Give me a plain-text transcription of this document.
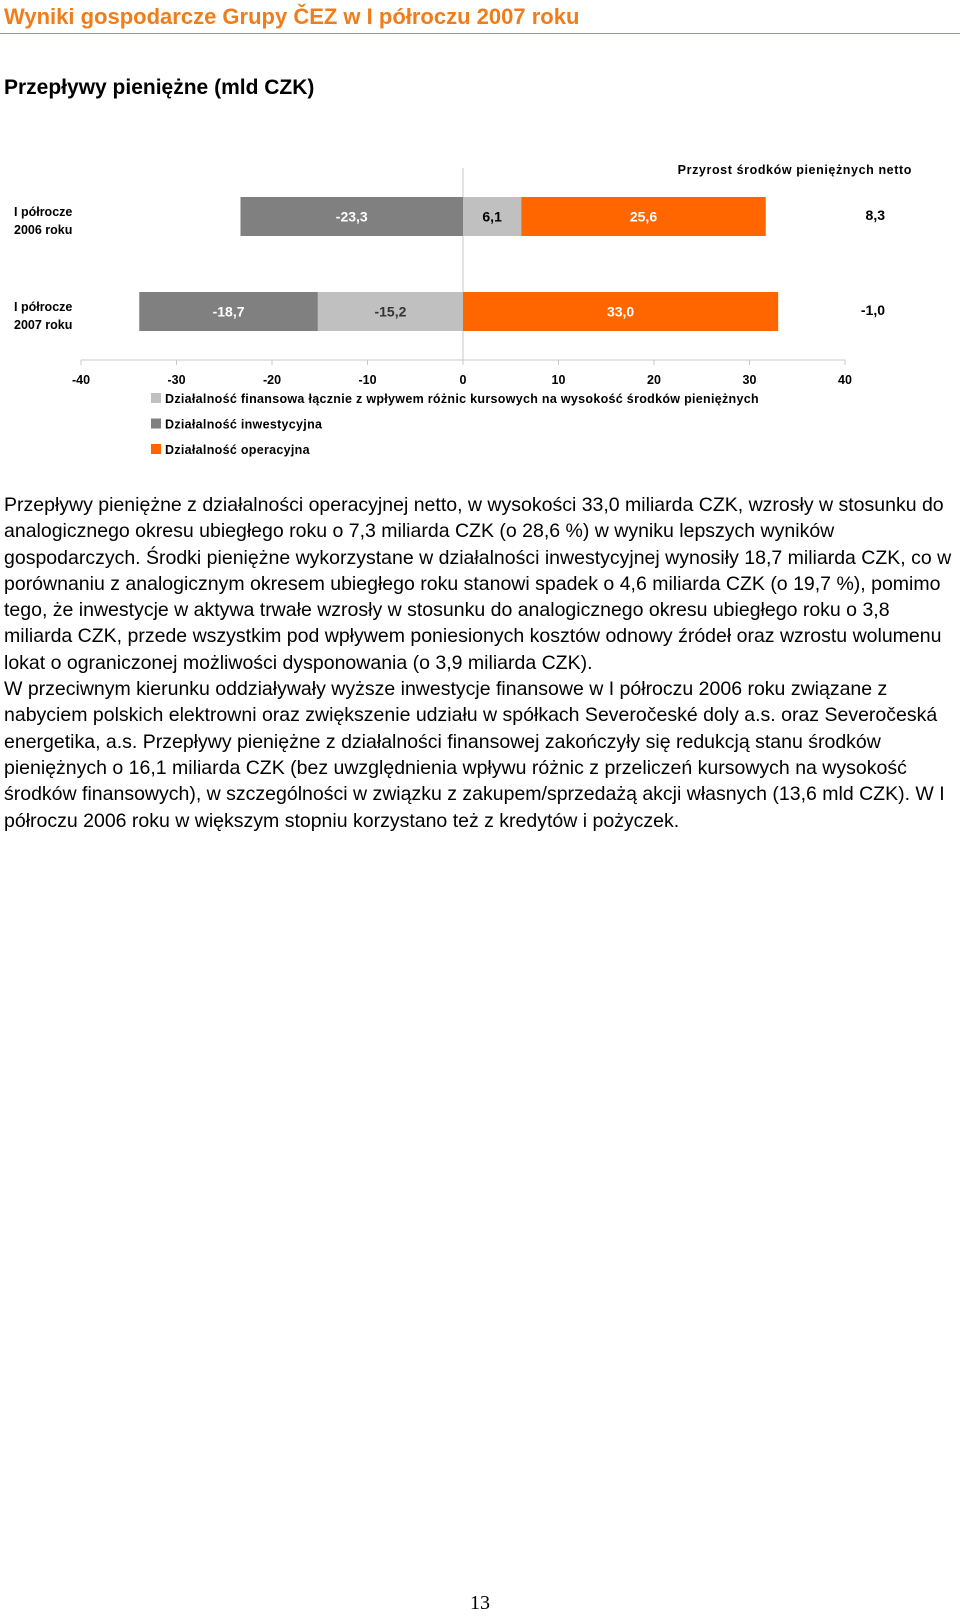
Wyniki gospodarcze Grupy ČEZ w I półroczu 2007 roku
Przepływy pieniężne (mld CZK)
Przyrost środków pieniężnych netto
-23,3	6,1	25,6
I półrocze
2006 roku
8,3
-15,2
-18,7	33,0
I półrocze
2007 roku
-1,0
-40	-30	-20	-10	0	10	20	30	40
Działalność finansowa łącznie z wpływem różnic kursowych na wysokość środków pieniężnych
Działalność inwestycyjna
Działalność operacyjna

Przepływy pieniężne z działalności operacyjnej netto, w wysokości 33,0 miliarda CZK, wzrosły w stosunku do analogicznego okresu ubiegłego roku o 7,3 miliarda CZK (o 28,6 %) w wyniku lepszych wyników gospodarczych. Środki pieniężne wykorzystane w działalności inwestycyjnej wynosiły 18,7 miliarda CZK, co w porównaniu z analogicznym okresem ubiegłego roku stanowi spadek o 4,6 miliarda CZK (o 19,7 %), pomimo tego, że inwestycje w aktywa trwałe wzrosły w stosunku do analogicznego okresu ubiegłego roku o 3,8 miliarda CZK, przede wszystkim pod wpływem poniesionych kosztów odnowy źródeł oraz wzrostu wolumenu lokat o ograniczonej możliwości dysponowania (o 3,9 miliarda CZK).

W przeciwnym kierunku oddziaływały wyższe inwestycje finansowe w I półroczu 2006 roku związane z nabyciem polskich elektrowni oraz zwiększenie udziału w spółkach Severočeské doly a.s. oraz Severočeská energetika, a.s. Przepływy pieniężne z działalności finansowej zakończyły się redukcją stanu środków pieniężnych o 16,1 miliarda CZK (bez uwzględnienia wpływu różnic z przeliczeń kursowych na wysokość środków finansowych), w szczególności w związku z zakupem/sprzedażą akcji własnych (13,6 mld CZK). W I półroczu 2006 roku w większym stopniu korzystano też z kredytów i pożyczek.

13
